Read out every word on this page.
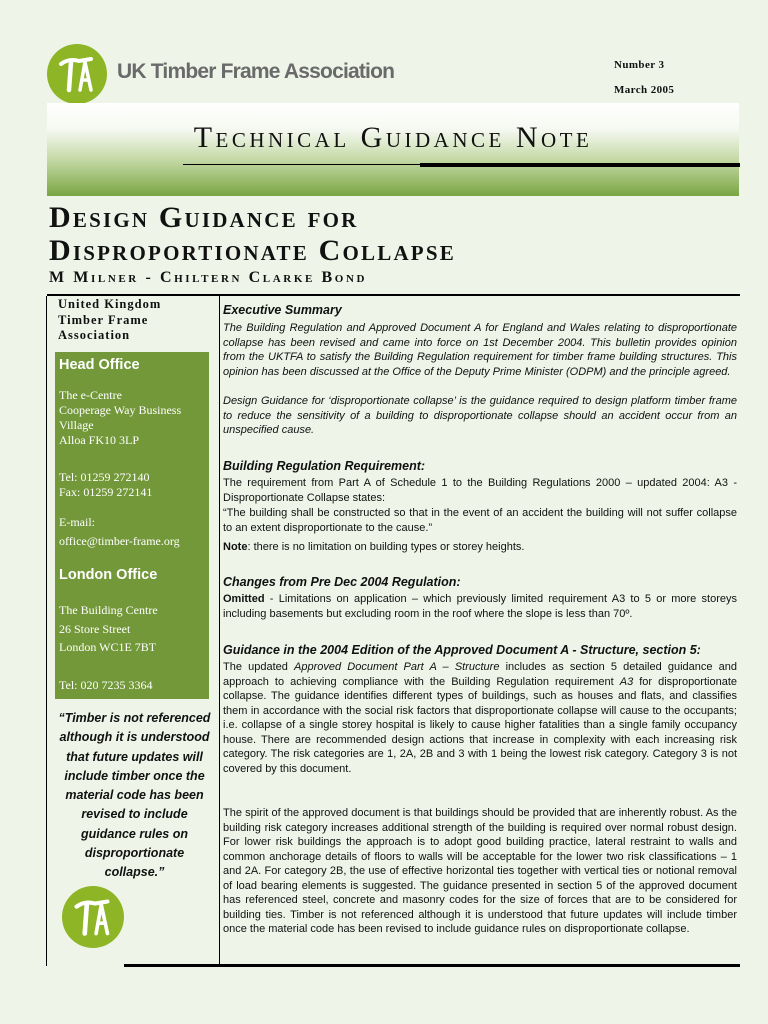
UK Timber Frame Association	Number 3
March 2005
Technical Guidance Note
Design Guidance for
Disproportionate Collapse
M Milner - Chiltern Clarke Bond
United Kingdom
Timber Frame
Association
Head Office
The e-Centre
Cooperage Way Business
Village
Alloa FK10 3LP
Tel: 01259 272140
Fax: 01259 272141
E-mail:
office@timber-frame.org
London Office
The Building Centre
26 Store Street
London WC1E 7BT
Tel: 020 7235 3364
“Timber is not referenced although it is understood that future updates will include timber once the material code has been revised to include guidance rules on disproportionate collapse.”
Executive Summary
The Building Regulation and Approved Document A for England and Wales relating to disproportionate collapse has been revised and came into force on 1st December 2004. This bulletin provides opinion from the UKTFA to satisfy the Building Regulation requirement for timber frame building structures. This opinion has been discussed at the Office of the Deputy Prime Minister (ODPM) and the principle agreed.
Design Guidance for ‘disproportionate collapse’ is the guidance required to design platform timber frame to reduce the sensitivity of a building to disproportionate collapse should an accident occur from an unspecified cause.
Building Regulation Requirement:
The requirement from Part A of Schedule 1 to the Building Regulations 2000 – updated 2004: A3 - Disproportionate Collapse states:
“The building shall be constructed so that in the event of an accident the building will not suffer collapse to an extent disproportionate to the cause.”
Note: there is no limitation on building types or storey heights.
Changes from Pre Dec 2004 Regulation:
Omitted - Limitations on application – which previously limited requirement A3 to 5 or more storeys including basements but excluding room in the roof where the slope is less than 70º.
Guidance in the 2004 Edition of the Approved Document A - Structure, section 5:
The updated Approved Document Part A – Structure includes as section 5 detailed guidance and approach to achieving compliance with the Building Regulation requirement A3 for disproportionate collapse. The guidance identifies different types of buildings, such as houses and flats, and classifies them in accordance with the social risk factors that disproportionate collapse will cause to the occupants; i.e. collapse of a single storey hospital is likely to cause higher fatalities than a single family occupancy house. There are recommended design actions that increase in complexity with each increasing risk category. The risk categories are 1, 2A, 2B and 3 with 1 being the lowest risk category. Category 3 is not covered by this document.
The spirit of the approved document is that buildings should be provided that are inherently robust. As the building risk category increases additional strength of the building is required over normal robust design. For lower risk buildings the approach is to adopt good building practice, lateral restraint to walls and common anchorage details of floors to walls will be acceptable for the lower two risk classifications – 1 and 2A. For category 2B, the use of effective horizontal ties together with vertical ties or notional removal of load bearing elements is suggested. The guidance presented in section 5 of the approved document has referenced steel, concrete and masonry codes for the size of forces that are to be considered for building ties. Timber is not referenced although it is understood that future updates will include timber once the material code has been revised to include guidance rules on disproportionate collapse.
